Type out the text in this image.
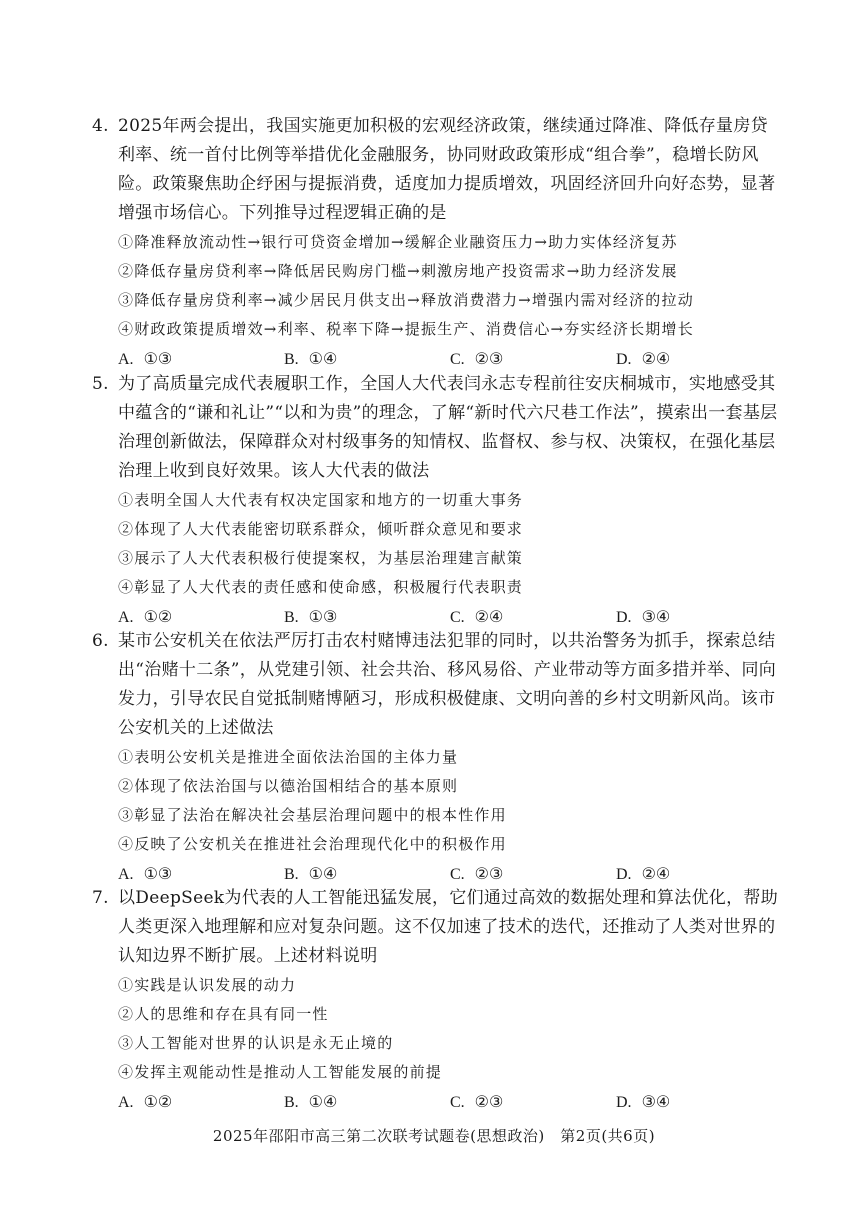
4. 2025年两会提出，我国实施更加积极的宏观经济政策，继续通过降准、降低存量房贷利率、统一首付比例等举措优化金融服务，协同财政政策形成“组合拳”，稳增长防风险。政策聚焦助企纾困与提振消费，适度加力提质增效，巩固经济回升向好态势，显著增强市场信心。下列推导过程逻辑正确的是
①降准释放流动性→银行可贷资金增加→缓解企业融资压力→助力实体经济复苏
②降低存量房贷利率→降低居民购房门槛→刺激房地产投资需求→助力经济发展
③降低存量房贷利率→减少居民月供支出→释放消费潜力→增强内需对经济的拉动
④财政政策提质增效→利率、税率下降→提振生产、消费信心→夯实经济长期增长
A. ①③	B. ①④	C. ②③	D. ②④
5. 为了高质量完成代表履职工作，全国人大代表闫永志专程前往安庆桐城市，实地感受其中蕴含的“谦和礼让”“以和为贵”的理念，了解“新时代六尺巷工作法”，摸索出一套基层治理创新做法，保障群众对村级事务的知情权、监督权、参与权、决策权，在强化基层治理上收到良好效果。该人大代表的做法
①表明全国人大代表有权决定国家和地方的一切重大事务
②体现了人大代表能密切联系群众，倾听群众意见和要求
③展示了人大代表积极行使提案权，为基层治理建言献策
④彰显了人大代表的责任感和使命感，积极履行代表职责
A. ①②	B. ①③	C. ②④	D. ③④
6. 某市公安机关在依法严厉打击农村赌博违法犯罪的同时，以共治警务为抓手，探索总结出“治赌十二条”，从党建引领、社会共治、移风易俗、产业带动等方面多措并举、同向发力，引导农民自觉抵制赌博陋习，形成积极健康、文明向善的乡村文明新风尚。该市公安机关的上述做法
①表明公安机关是推进全面依法治国的主体力量
②体现了依法治国与以德治国相结合的基本原则
③彰显了法治在解决社会基层治理问题中的根本性作用
④反映了公安机关在推进社会治理现代化中的积极作用
A. ①③	B. ①④	C. ②③	D. ②④
7. 以DeepSeek为代表的人工智能迅猛发展，它们通过高效的数据处理和算法优化，帮助人类更深入地理解和应对复杂问题。这不仅加速了技术的迭代，还推动了人类对世界的认知边界不断扩展。上述材料说明
①实践是认识发展的动力
②人的思维和存在具有同一性
③人工智能对世界的认识是永无止境的
④发挥主观能动性是推动人工智能发展的前提
A. ①②	B. ①④	C. ②③	D. ③④
2025年邵阳市高三第二次联考试题卷(思想政治)　第2页(共6页)
